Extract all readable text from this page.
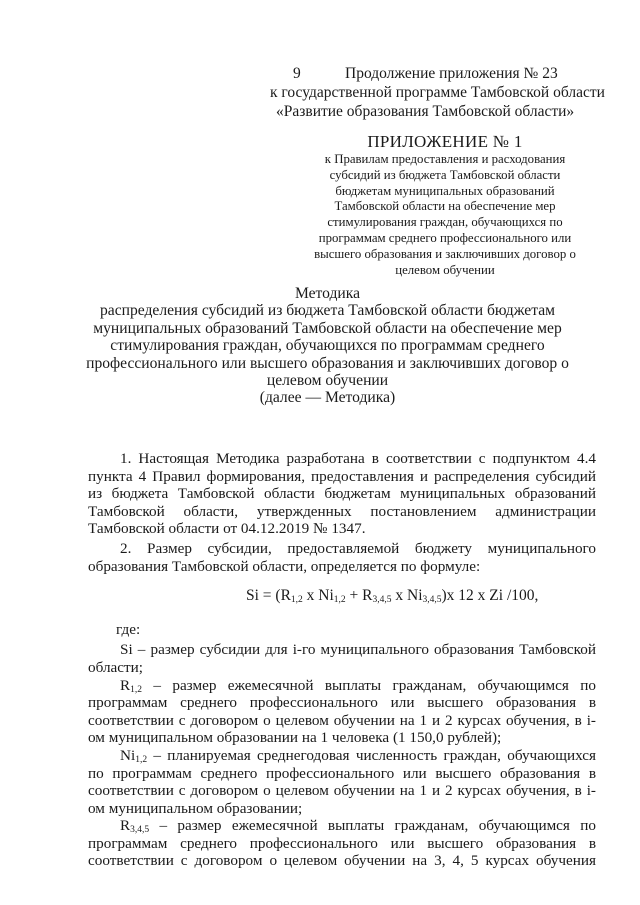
9	Продолжение приложения № 23
к государственной программе Тамбовской области
«Развитие образования Тамбовской области»
ПРИЛОЖЕНИЕ № 1
к Правилам предоставления и расходования
субсидий из бюджета Тамбовской области
бюджетам муниципальных образований
Тамбовской области на обеспечение мер
стимулирования граждан, обучающихся по
программам среднего профессионального или
высшего образования и заключивших договор о
целевом обучении
Методика
распределения субсидий из бюджета Тамбовской области бюджетам
муниципальных образований Тамбовской области на обеспечение мер
стимулирования граждан, обучающихся по программам среднего
профессионального или высшего образования и заключивших договор о
целевом обучении
(далее — Методика)

1. Настоящая Методика разработана в соответствии с подпунктом 4.4 пункта 4 Правил формирования, предоставления и распределения субсидий из бюджета Тамбовской области бюджетам муниципальных образований Тамбовской области, утвержденных постановлением администрации Тамбовской области от 04.12.2019 № 1347.

2. Размер субсидии, предоставляемой бюджету муниципального образования Тамбовской области, определяется по формуле:

$Si = (R_{1,2}$ x $Ni_{1,2} + R_{3,4,5}$ x $Ni_{3,4,5})x$ 12 x Zi /100,

где:

Si – размер субсидии для i-го муниципального образования Тамбовской области;

$R_{1,2}$ – размер ежемесячной выплаты гражданам, обучающимся по программам среднего профессионального или высшего образования в соответствии с договором о целевом обучении на 1 и 2 курсах обучения, в i-ом муниципальном образовании на 1 человека (1 150,0 рублей);

$Ni_{1,2}$ – планируемая среднегодовая численность граждан, обучающихся по программам среднего профессионального или высшего образования в соответствии с договором о целевом обучении на 1 и 2 курсах обучения, в i-ом муниципальном образовании;

$R_{3,4,5}$ – размер ежемесячной выплаты гражданам, обучающимся по программам среднего профессионального или высшего образования в соответствии с договором о целевом обучении на 3, 4, 5 курсах обучения
